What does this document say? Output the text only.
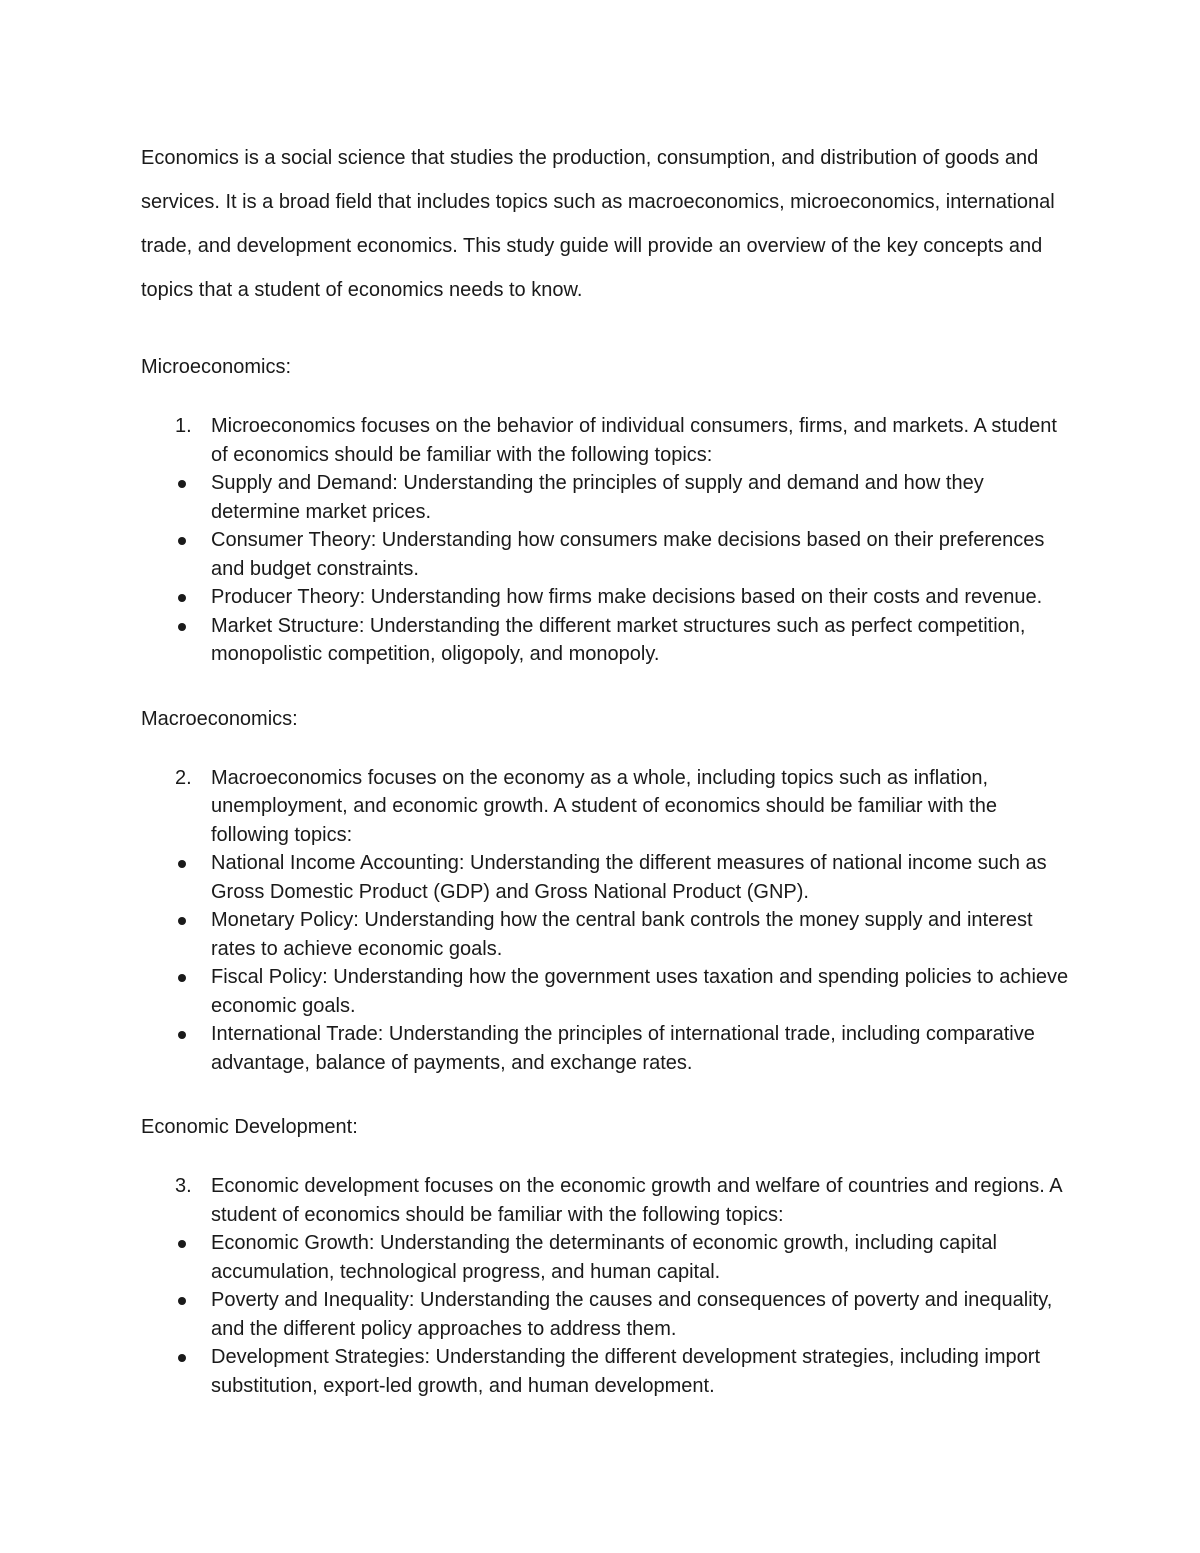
Economics is a social science that studies the production, consumption, and distribution of goods and services. It is a broad field that includes topics such as macroeconomics, microeconomics, international trade, and development economics. This study guide will provide an overview of the key concepts and topics that a student of economics needs to know.

Microeconomics:
1. Microeconomics focuses on the behavior of individual consumers, firms, and markets. A student of economics should be familiar with the following topics:
Supply and Demand: Understanding the principles of supply and demand and how they determine market prices.
Consumer Theory: Understanding how consumers make decisions based on their preferences and budget constraints.
Producer Theory: Understanding how firms make decisions based on their costs and revenue.
Market Structure: Understanding the different market structures such as perfect competition, monopolistic competition, oligopoly, and monopoly.
Macroeconomics:
2. Macroeconomics focuses on the economy as a whole, including topics such as inflation, unemployment, and economic growth. A student of economics should be familiar with the following topics:
National Income Accounting: Understanding the different measures of national income such as Gross Domestic Product (GDP) and Gross National Product (GNP).
Monetary Policy: Understanding how the central bank controls the money supply and interest rates to achieve economic goals.
Fiscal Policy: Understanding how the government uses taxation and spending policies to achieve economic goals.
International Trade: Understanding the principles of international trade, including comparative advantage, balance of payments, and exchange rates.
Economic Development:
3. Economic development focuses on the economic growth and welfare of countries and regions. A student of economics should be familiar with the following topics:
Economic Growth: Understanding the determinants of economic growth, including capital accumulation, technological progress, and human capital.
Poverty and Inequality: Understanding the causes and consequences of poverty and inequality, and the different policy approaches to address them.
Development Strategies: Understanding the different development strategies, including import substitution, export-led growth, and human development.
